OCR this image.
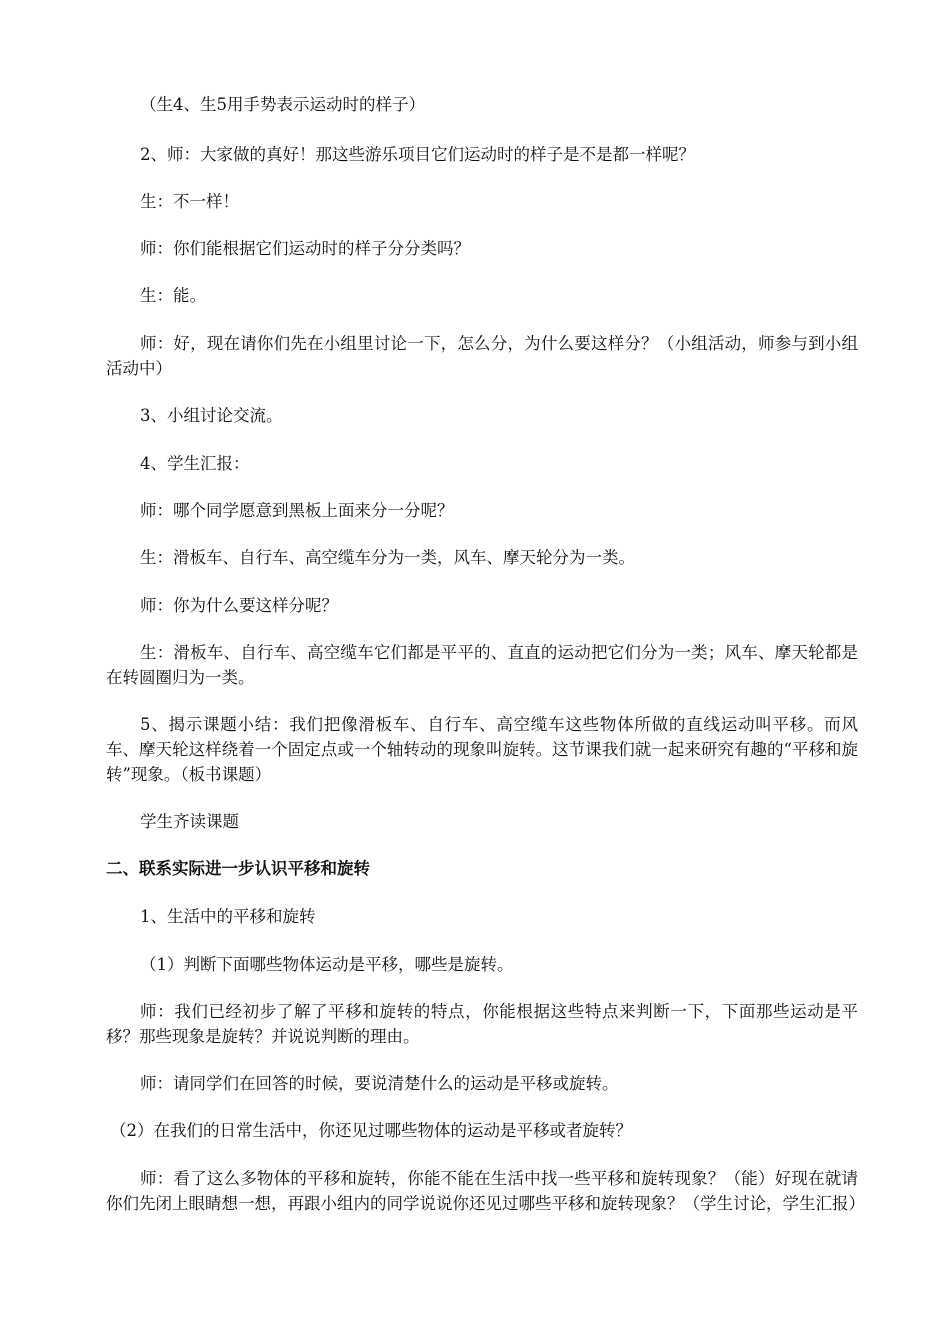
（生4、生5用手势表示运动时的样子）
2、师：大家做的真好！那这些游乐项目它们运动时的样子是不是都一样呢？
生：不一样！
师：你们能根据它们运动时的样子分分类吗？
生：能。
师：好，现在请你们先在小组里讨论一下，怎么分，为什么要这样分？（小组活动，师参与到小组活动中）
3、小组讨论交流。
4、学生汇报：
师：哪个同学愿意到黑板上面来分一分呢？
生：滑板车、自行车、高空缆车分为一类，风车、摩天轮分为一类。
师：你为什么要这样分呢？
生：滑板车、自行车、高空缆车它们都是平平的、直直的运动把它们分为一类；风车、摩天轮都是在转圆圈归为一类。
5、揭示课题小结：我们把像滑板车、自行车、高空缆车这些物体所做的直线运动叫平移。而风车、摩天轮这样绕着一个固定点或一个轴转动的现象叫旋转。这节课我们就一起来研究有趣的“平移和旋转”现象。（板书课题）
学生齐读课题
二、联系实际进一步认识平移和旋转
1、生活中的平移和旋转
（1）判断下面哪些物体运动是平移，哪些是旋转。
师：我们已经初步了解了平移和旋转的特点，你能根据这些特点来判断一下，下面那些运动是平移？那些现象是旋转？并说说判断的理由。
师：请同学们在回答的时候，要说清楚什么的运动是平移或旋转。
（2）在我们的日常生活中，你还见过哪些物体的运动是平移或者旋转？
师：看了这么多物体的平移和旋转，你能不能在生活中找一些平移和旋转现象？（能）好现在就请你们先闭上眼睛想一想，再跟小组内的同学说说你还见过哪些平移和旋转现象？（学生讨论，学生汇报）
